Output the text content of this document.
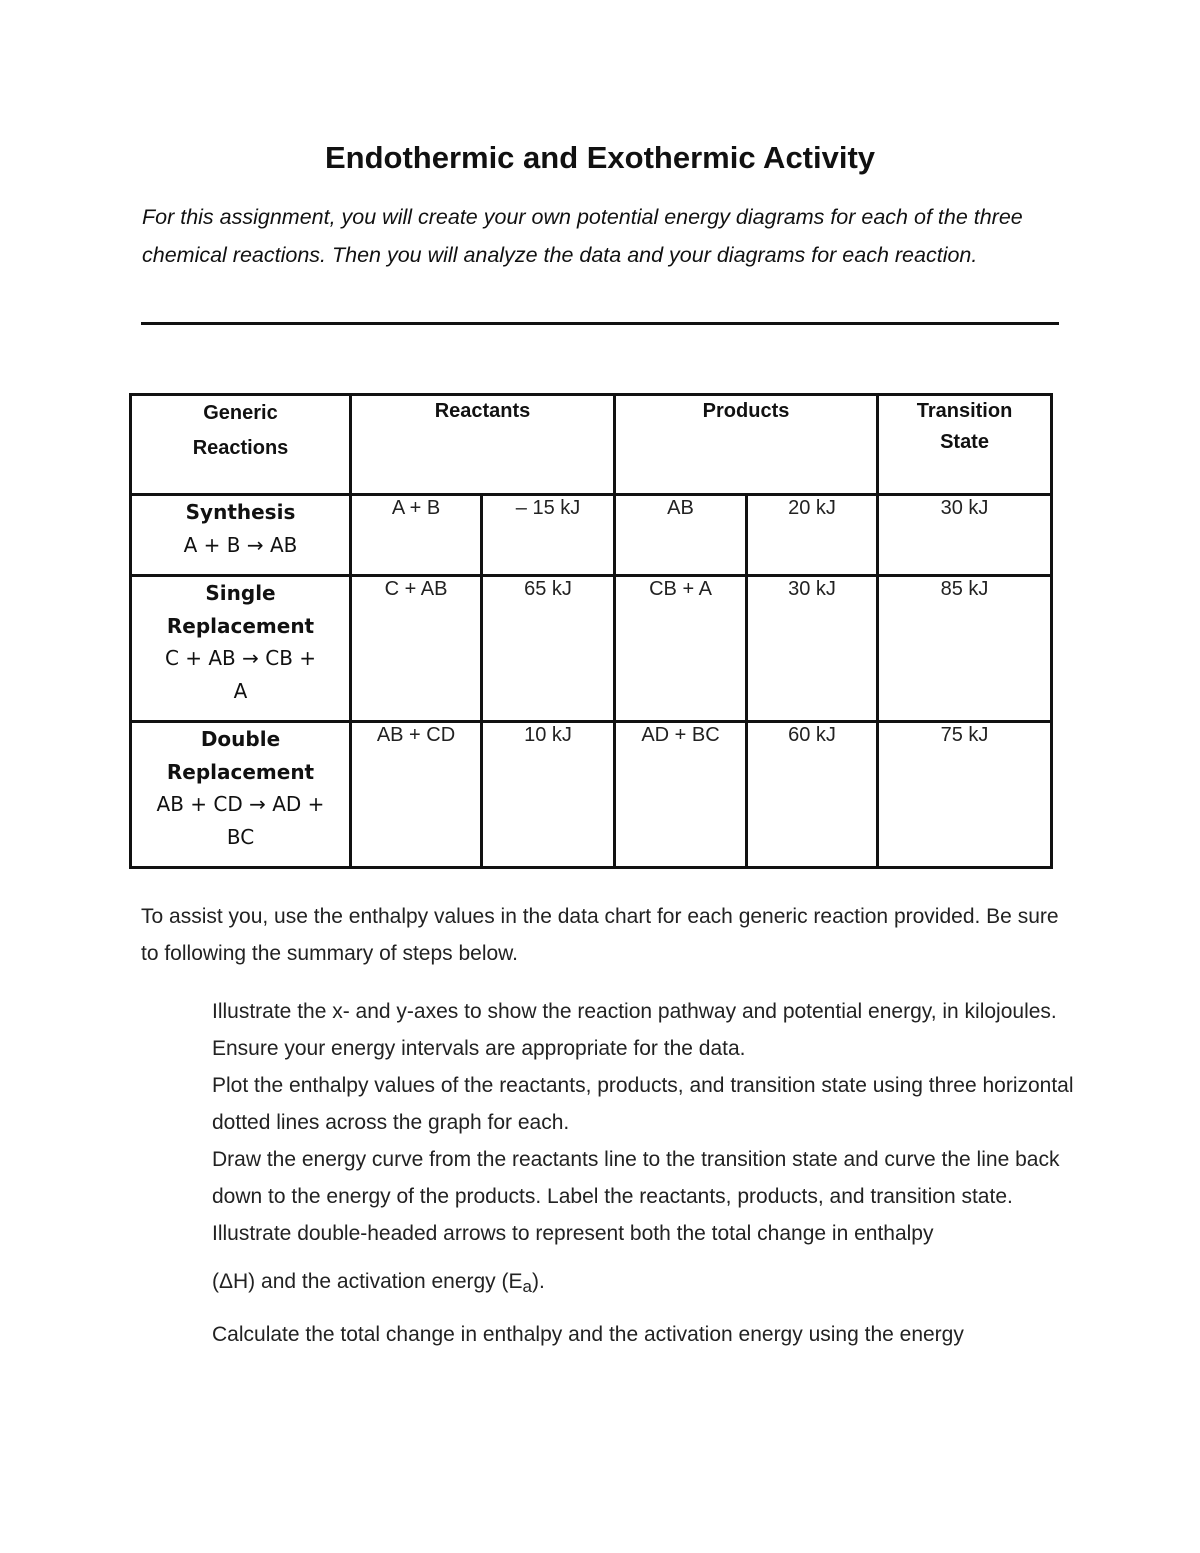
Endothermic and Exothermic Activity

For this assignment, you will create your own potential energy diagrams for each of the three chemical reactions. Then you will analyze the data and your diagrams for each reaction.

Generic
Reactions	Reactants		Products		Transition
State

Synthesis
A + B → AB	A + B	– 15 kJ	AB	20 kJ	30 kJ

Single
Replacement
C + AB → CB +
A	C + AB	65 kJ	CB + A	30 kJ	85 kJ

Double
Replacement
AB + CD → AD +
BC	AB + CD	10 kJ	AD + BC	60 kJ	75 kJ

To assist you, use the enthalpy values in the data chart for each generic reaction provided. Be sure to following the summary of steps below.

Illustrate the x- and y-axes to show the reaction pathway and potential energy, in kilojoules. Ensure your energy intervals are appropriate for the data.

Plot the enthalpy values of the reactants, products, and transition state using three horizontal dotted lines across the graph for each.

Draw the energy curve from the reactants line to the transition state and curve the line back down to the energy of the products. Label the reactants, products, and transition state.

Illustrate double-headed arrows to represent both the total change in enthalpy

(ΔH) and the activation energy $(E_a)$.

Calculate the total change in enthalpy and the activation energy using the energy
